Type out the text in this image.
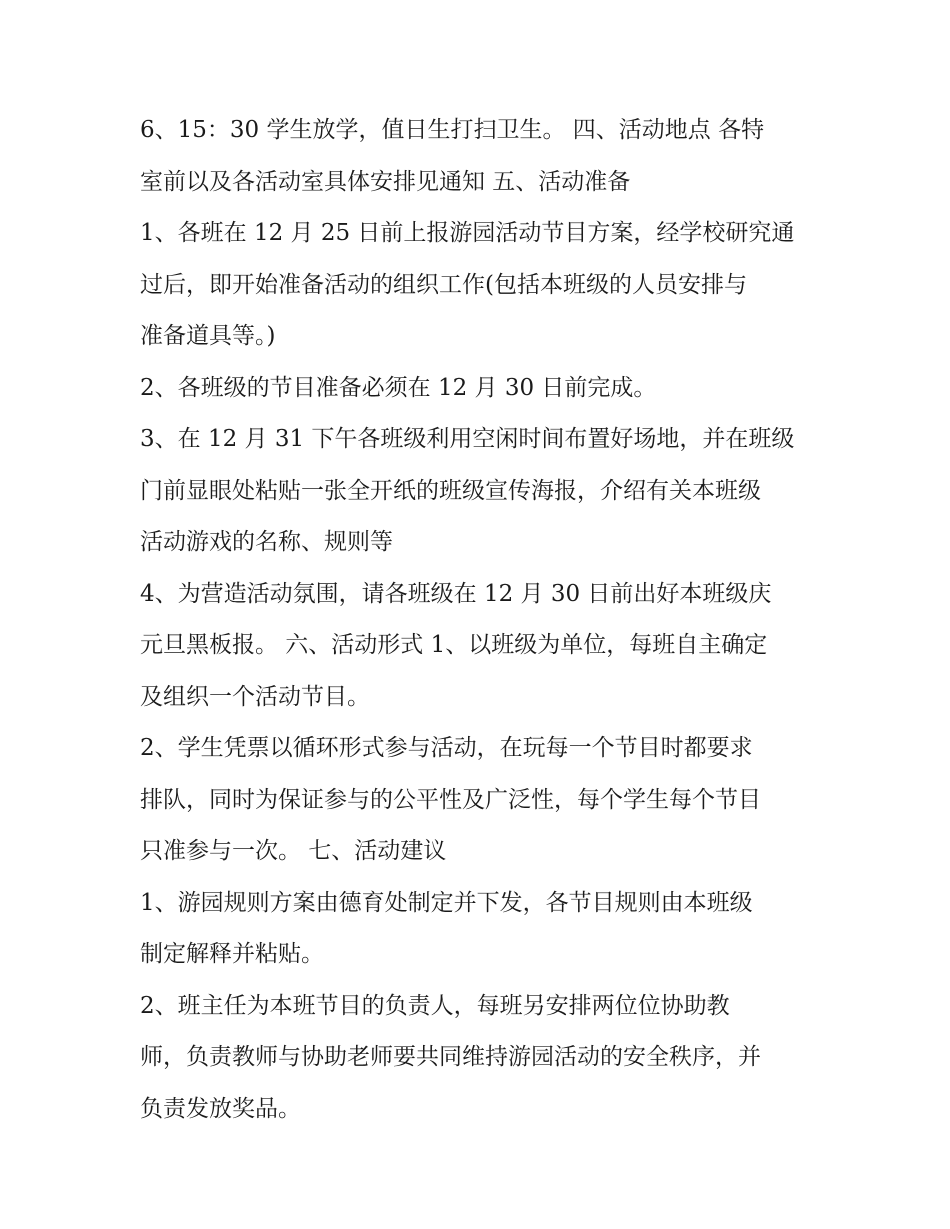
6、15：30 学生放学，值日生打扫卫生。 四、活动地点 各特
室前以及各活动室具体安排见通知 五、活动准备
1、各班在 12 月 25 日前上报游园活动节目方案，经学校研究通
过后，即开始准备活动的组织工作(包括本班级的人员安排与
准备道具等。)
2、各班级的节目准备必须在 12 月 30 日前完成。
3、在 12 月 31 下午各班级利用空闲时间布置好场地，并在班级
门前显眼处粘贴一张全开纸的班级宣传海报，介绍有关本班级
活动游戏的名称、规则等
4、为营造活动氛围，请各班级在 12 月 30 日前出好本班级庆
元旦黑板报。 六、活动形式 1、以班级为单位，每班自主确定
及组织一个活动节目。
2、学生凭票以循环形式参与活动，在玩每一个节目时都要求
排队，同时为保证参与的公平性及广泛性，每个学生每个节目
只准参与一次。 七、活动建议
1、游园规则方案由德育处制定并下发，各节目规则由本班级
制定解释并粘贴。
2、班主任为本班节目的负责人，每班另安排两位位协助教
师，负责教师与协助老师要共同维持游园活动的安全秩序，并
负责发放奖品。
